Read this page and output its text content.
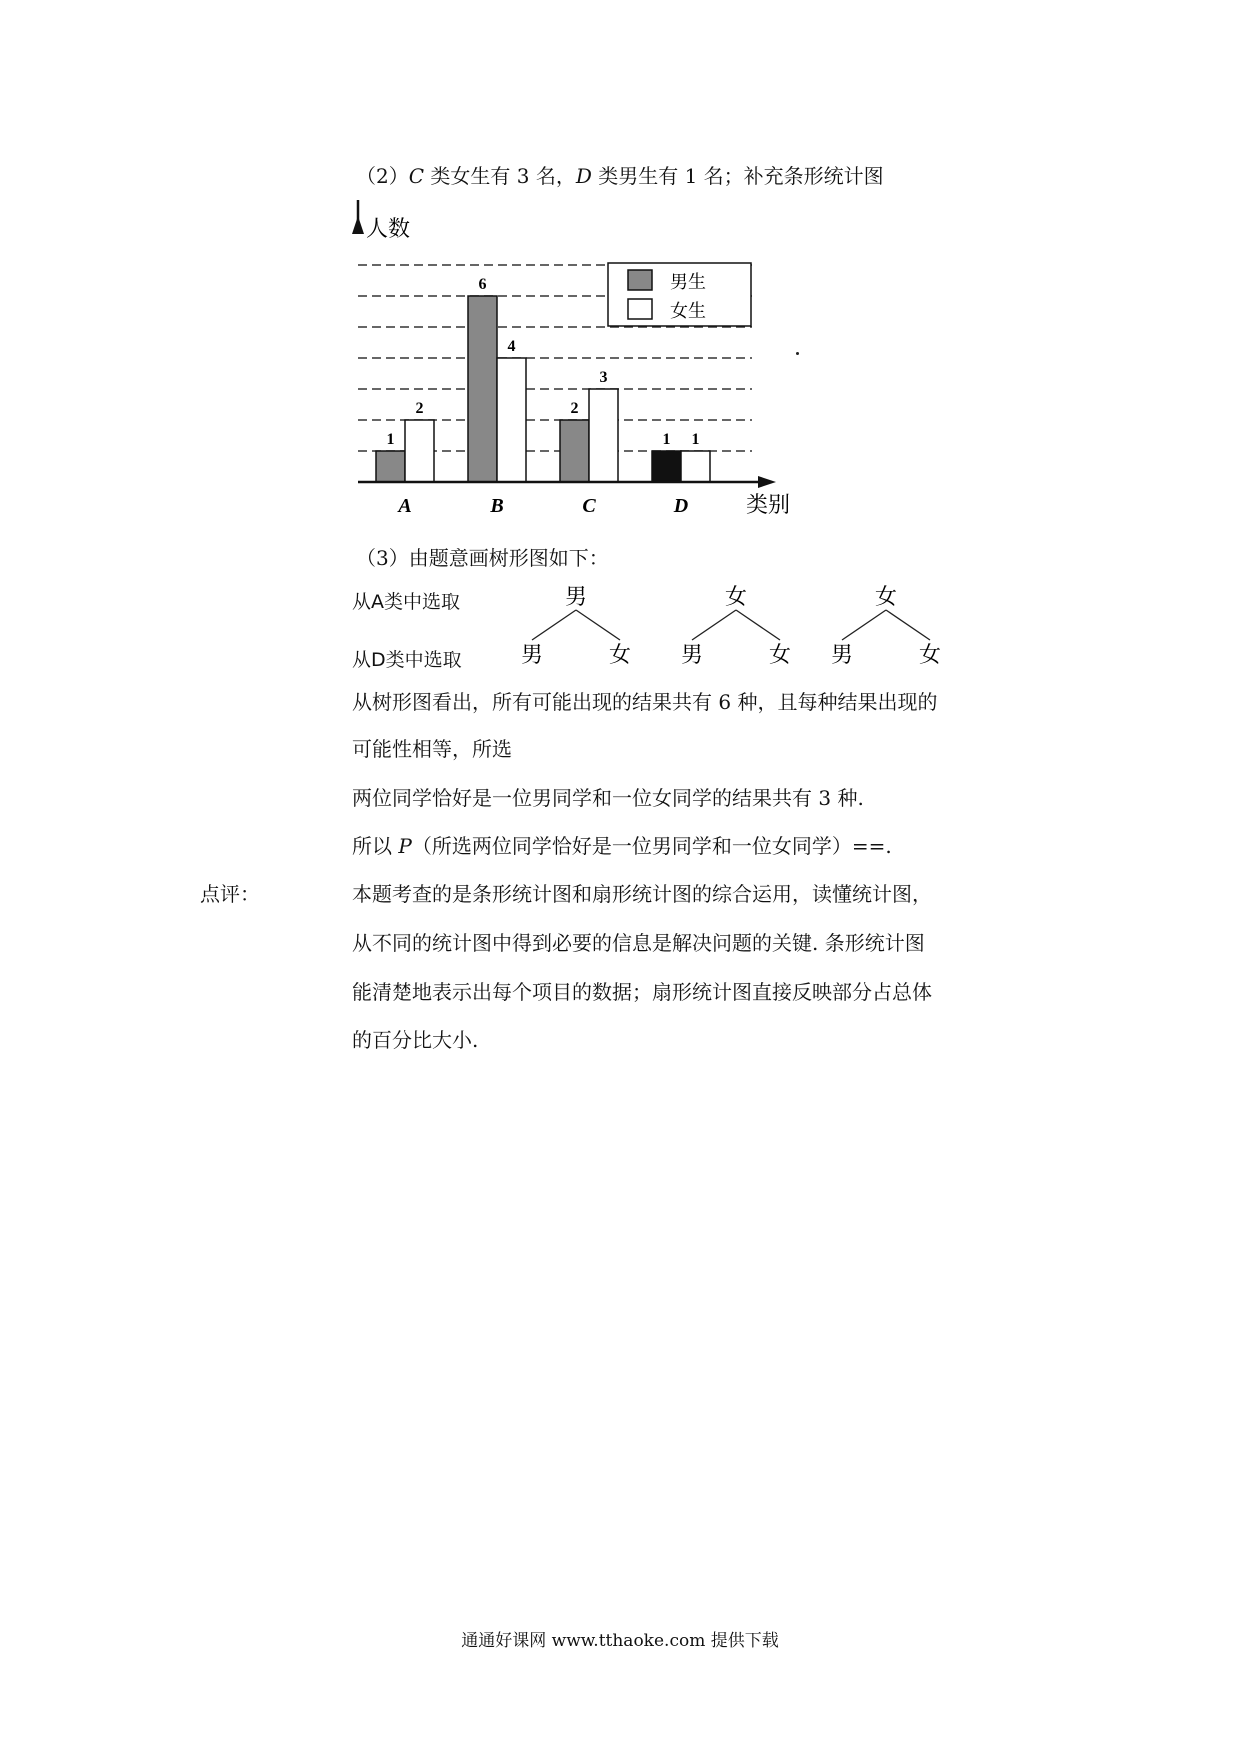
（2）C 类女生有 3 名，D 类男生有 1 名；补充条形统计图
1
2
A
6
4
B
2
3
C
1 1
D
人数
类别
男生
女生
（3）由题意画树形图如下：
从A类中选取
从D类中选取
男
男	女
女
男	女
女
男	女
从树形图看出，所有可能出现的结果共有 6 种，且每种结果出现的
可能性相等，所选
两位同学恰好是一位男同学和一位女同学的结果共有 3 种.
所以 P（所选两位同学恰好是一位男同学和一位女同学）==.
点评：	本题考查的是条形统计图和扇形统计图的综合运用，读懂统计图，
从不同的统计图中得到必要的信息是解决问题的关键. 条形统计图
能清楚地表示出每个项目的数据；扇形统计图直接反映部分占总体
的百分比大小.
通通好课网 www.tthaoke.com 提供下载
